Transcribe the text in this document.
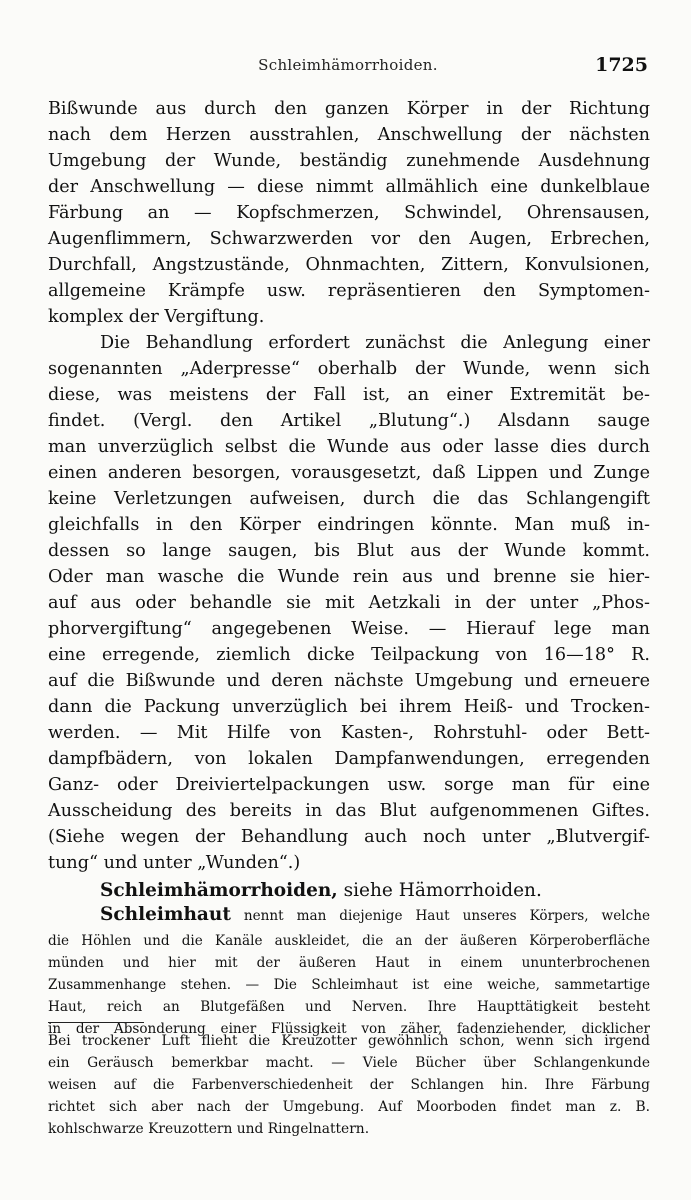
Schleimhämorrhoiden.	1725
Bißwunde aus durch den ganzen Körper in der Richtung
nach dem Herzen ausstrahlen, Anschwellung der nächsten
Umgebung der Wunde, beständig zunehmende Ausdehnung
der Anschwellung — diese nimmt allmählich eine dunkelblaue
Färbung an — Kopfschmerzen, Schwindel, Ohrensausen,
Augenflimmern, Schwarzwerden vor den Augen, Erbrechen,
Durchfall, Angstzustände, Ohnmachten, Zittern, Konvulsionen,
allgemeine Krämpfe usw. repräsentieren den Symptomen-
komplex der Vergiftung.
Die Behandlung erfordert zunächst die Anlegung einer
sogenannten „Aderpresse“ oberhalb der Wunde, wenn sich
diese, was meistens der Fall ist, an einer Extremität be-
findet. (Vergl. den Artikel „Blutung“.) Alsdann sauge
man unverzüglich selbst die Wunde aus oder lasse dies durch
einen anderen besorgen, vorausgesetzt, daß Lippen und Zunge
keine Verletzungen aufweisen, durch die das Schlangengift
gleichfalls in den Körper eindringen könnte. Man muß in-
dessen so lange saugen, bis Blut aus der Wunde kommt.
Oder man wasche die Wunde rein aus und brenne sie hier-
auf aus oder behandle sie mit Aetzkali in der unter „Phos-
phorvergiftung“ angegebenen Weise. — Hierauf lege man
eine erregende, ziemlich dicke Teilpackung von 16—18° R.
auf die Bißwunde und deren nächste Umgebung und erneuere
dann die Packung unverzüglich bei ihrem Heiß- und Trocken-
werden. — Mit Hilfe von Kasten-, Rohrstuhl- oder Bett-
dampfbädern, von lokalen Dampfanwendungen, erregenden
Ganz- oder Dreiviertelpackungen usw. sorge man für eine
Ausscheidung des bereits in das Blut aufgenommenen Giftes.
(Siehe wegen der Behandlung auch noch unter „Blutvergif-
tung“ und unter „Wunden“.)
Schleimhämorrhoiden, siehe Hämorrhoiden.
Schleimhaut nennt man diejenige Haut unseres Körpers, welche
die Höhlen und die Kanäle auskleidet, die an der äußeren Körperoberfläche
münden und hier mit der äußeren Haut in einem ununterbrochenen
Zusammenhange stehen. — Die Schleimhaut ist eine weiche, sammetartige
Haut, reich an Blutgefäßen und Nerven. Ihre Haupttätigkeit besteht
in der Absonderung einer Flüssigkeit von zäher, fadenziehender, dicklicher
Bei trockener Luft flieht die Kreuzotter gewöhnlich schon, wenn sich irgend
ein Geräusch bemerkbar macht. — Viele Bücher über Schlangenkunde
weisen auf die Farbenverschiedenheit der Schlangen hin. Ihre Färbung
richtet sich aber nach der Umgebung. Auf Moorboden findet man z. B.
kohlschwarze Kreuzottern und Ringelnattern.
